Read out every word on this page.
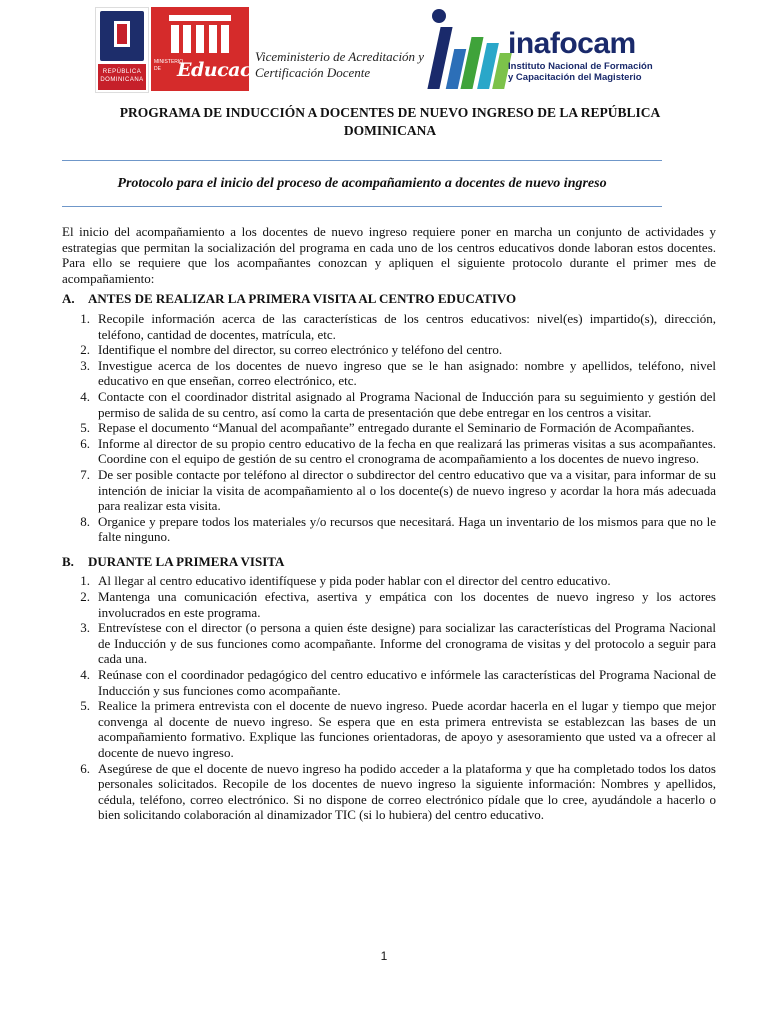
REPÚBLICA DOMINICANA
MINISTERIO DE Educación
Viceministerio de Acreditación y Certificación Docente
inafocam
Instituto Nacional de Formación y Capacitación del Magisterio
PROGRAMA DE INDUCCIÓN A DOCENTES DE NUEVO INGRESO DE LA REPÚBLICA DOMINICANA
Protocolo para el inicio del proceso de acompañamiento a docentes de nuevo ingreso

El inicio del acompañamiento a los docentes de nuevo ingreso requiere poner en marcha un conjunto de actividades y estrategias que permitan la socialización del programa en cada uno de los centros educativos donde laboran estos docentes. Para ello se requiere que los acompañantes conozcan y apliquen el siguiente protocolo durante el primer mes de acompañamiento:

A.	ANTES DE REALIZAR LA PRIMERA VISITA AL CENTRO EDUCATIVO
1. Recopile información acerca de las características de los centros educativos: nivel(es) impartido(s), dirección, teléfono, cantidad de docentes, matrícula, etc.
2. Identifique el nombre del director, su correo electrónico y teléfono del centro.
3. Investigue acerca de los docentes de nuevo ingreso que se le han asignado: nombre y apellidos, teléfono, nivel educativo en que enseñan, correo electrónico, etc.
4. Contacte con el coordinador distrital asignado al Programa Nacional de Inducción para su seguimiento y gestión del permiso de salida de su centro, así como la carta de presentación que debe entregar en los centros a visitar.
5. Repase el documento “Manual del acompañante” entregado durante el Seminario de Formación de Acompañantes.
6. Informe al director de su propio centro educativo de la fecha en que realizará las primeras visitas a sus acompañantes. Coordine con el equipo de gestión de su centro el cronograma de acompañamiento a los docentes de nuevo ingreso.
7. De ser posible contacte por teléfono al director o subdirector del centro educativo que va a visitar, para informar de su intención de iniciar la visita de acompañamiento al o los docente(s) de nuevo ingreso y acordar la hora más adecuada para realizar esta visita.
8. Organice y prepare todos los materiales y/o recursos que necesitará. Haga un inventario de los mismos para que no le falte ninguno.
B.	DURANTE LA PRIMERA VISITA
1. Al llegar al centro educativo identifíquese y pida poder hablar con el director del centro educativo.
2. Mantenga una comunicación efectiva, asertiva y empática con los docentes de nuevo ingreso y los actores involucrados en este programa.
3. Entrevístese con el director (o persona a quien éste designe) para socializar las características del Programa Nacional de Inducción y de sus funciones como acompañante. Informe del cronograma de visitas y del protocolo a seguir para cada una.
4. Reúnase con el coordinador pedagógico del centro educativo e infórmele las características del Programa Nacional de Inducción y sus funciones como acompañante.
5. Realice la primera entrevista con el docente de nuevo ingreso. Puede acordar hacerla en el lugar y tiempo que mejor convenga al docente de nuevo ingreso. Se espera que en esta primera entrevista se establezcan las bases de un acompañamiento formativo. Explique las funciones orientadoras, de apoyo y asesoramiento que usted va a ofrecer al docente de nuevo ingreso.
6. Asegúrese de que el docente de nuevo ingreso ha podido acceder a la plataforma y que ha completado todos los datos personales solicitados. Recopile de los docentes de nuevo ingreso la siguiente información: Nombres y apellidos, cédula, teléfono, correo electrónico. Si no dispone de correo electrónico pídale que lo cree, ayudándole a hacerlo o bien solicitando colaboración al dinamizador TIC (si lo hubiera) del centro educativo.
1
